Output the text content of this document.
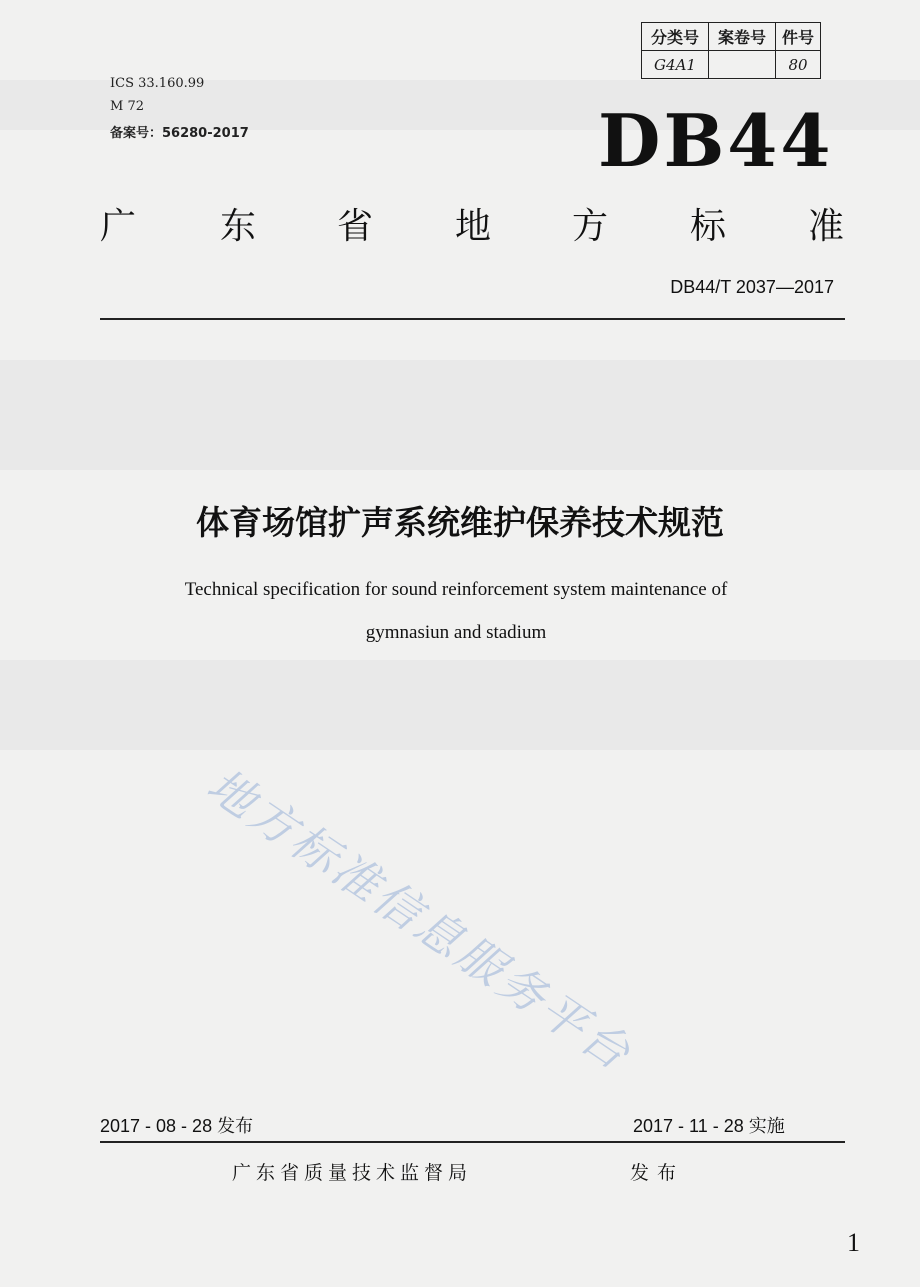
分类号	案卷号	件号
G4A1		80
ICS 33.160.99
M 72
备案号：56280-2017	DB44
广 东 省 地 方 标 准
DB44/T 2037—2017
体育场馆扩声系统维护保养技术规范
Technical specification for sound reinforcement system maintenance of
gymnasiun and stadium
地方标准信息服务平台
2017 - 08 - 28 发布	2017 - 11 - 28 实施
广东省质量技术监督局	发布
1
